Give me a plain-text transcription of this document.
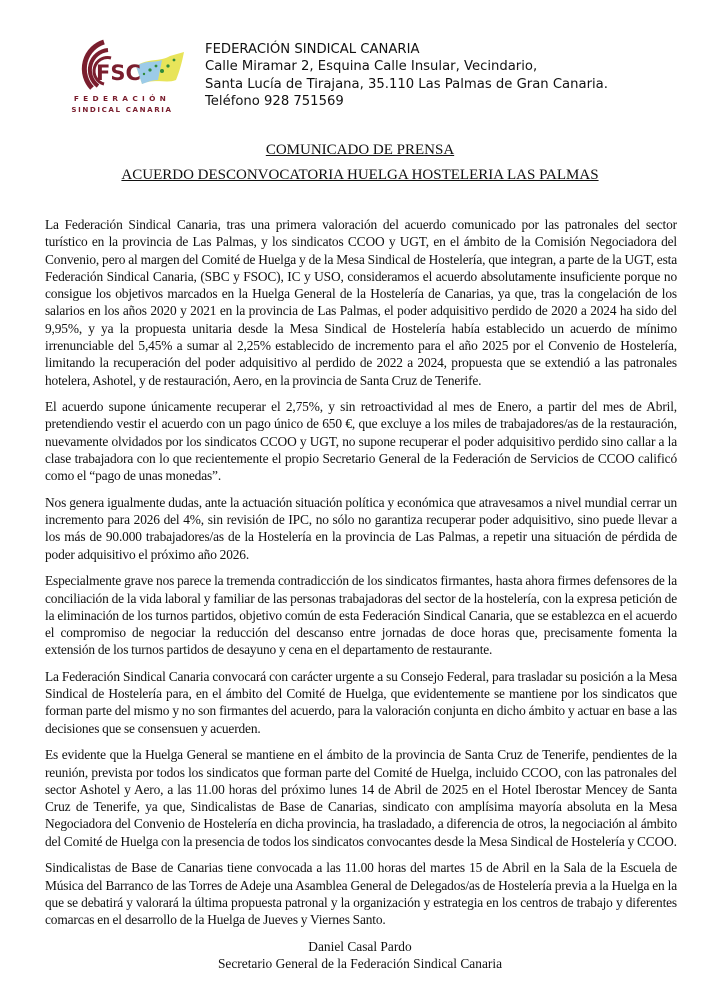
FSC
FEDERACIÓN
SINDICAL CANARIA
FEDERACIÓN SINDICAL CANARIA
Calle Miramar 2, Esquina Calle Insular, Vecindario,
Santa Lucía de Tirajana, 35.110 Las Palmas de Gran Canaria.
Teléfono 928 751569
COMUNICADO DE PRENSA
ACUERDO DESCONVOCATORIA HUELGA HOSTELERIA LAS PALMAS

La Federación Sindical Canaria, tras una primera valoración del acuerdo comunicado por las patronales del sector turístico en la provincia de Las Palmas, y los sindicatos CCOO y UGT, en el ámbito de la Comisión Negociadora del Convenio, pero al margen del Comité de Huelga y de la Mesa Sindical de Hostelería, que integran, a parte de la UGT, esta Federación Sindical Canaria, (SBC y FSOC), IC y USO, consideramos el acuerdo absolutamente insuficiente porque no consigue los objetivos marcados en la Huelga General de la Hostelería de Canarias, ya que, tras la congelación de los salarios en los años 2020 y 2021 en la provincia de Las Palmas, el poder adquisitivo perdido de 2020 a 2024 ha sido del 9,95%, y ya la propuesta unitaria desde la Mesa Sindical de Hostelería había establecido un acuerdo de mínimo irrenunciable del 5,45% a sumar al 2,25% establecido de incremento para el año 2025 por el Convenio de Hostelería, limitando la recuperación del poder adquisitivo al perdido de 2022 a 2024, propuesta que se extendió a las patronales hotelera, Ashotel, y de restauración, Aero, en la provincia de Santa Cruz de Tenerife.

El acuerdo supone únicamente recuperar el 2,75%, y sin retroactividad al mes de Enero, a partir del mes de Abril, pretendiendo vestir el acuerdo con un pago único de 650 €, que excluye a los miles de trabajadores/as de la restauración, nuevamente olvidados por los sindicatos CCOO y UGT, no supone recuperar el poder adquisitivo perdido sino callar a la clase trabajadora con lo que recientemente el propio Secretario General de la Federación de Servicios de CCOO calificó como el “pago de unas monedas”.

Nos genera igualmente dudas, ante la actuación situación política y económica que atravesamos a nivel mundial cerrar un incremento para 2026 del 4%, sin revisión de IPC, no sólo no garantiza recuperar poder adquisitivo, sino puede llevar a los más de 90.000 trabajadores/as de la Hostelería en la provincia de Las Palmas, a repetir una situación de pérdida de poder adquisitivo el próximo año 2026.

Especialmente grave nos parece la tremenda contradicción de los sindicatos firmantes, hasta ahora firmes defensores de la conciliación de la vida laboral y familiar de las personas trabajadoras del sector de la hostelería, con la expresa petición de la eliminación de los turnos partidos, objetivo común de esta Federación Sindical Canaria, que se establezca en el acuerdo el compromiso de negociar la reducción del descanso entre jornadas de doce horas que, precisamente fomenta la extensión de los turnos partidos de desayuno y cena en el departamento de restaurante.

La Federación Sindical Canaria convocará con carácter urgente a su Consejo Federal, para trasladar su posición a la Mesa Sindical de Hostelería para, en el ámbito del Comité de Huelga, que evidentemente se mantiene por los sindicatos que forman parte del mismo y no son firmantes del acuerdo, para la valoración conjunta en dicho ámbito y actuar en base a las decisiones que se consensuen y acuerden.

Es evidente que la Huelga General se mantiene en el ámbito de la provincia de Santa Cruz de Tenerife, pendientes de la reunión, prevista por todos los sindicatos que forman parte del Comité de Huelga, incluido CCOO, con las patronales del sector Ashotel y Aero, a las 11.00 horas del próximo lunes 14 de Abril de 2025 en el Hotel Iberostar Mencey de Santa Cruz de Tenerife, ya que, Sindicalistas de Base de Canarias, sindicato con amplísima mayoría absoluta en la Mesa Negociadora del Convenio de Hostelería en dicha provincia, ha trasladado, a diferencia de otros, la negociación al ámbito del Comité de Huelga con la presencia de todos los sindicatos convocantes desde la Mesa Sindical de Hostelería y CCOO.

Sindicalistas de Base de Canarias tiene convocada a las 11.00 horas del martes 15 de Abril en la Sala de la Escuela de Música del Barranco de las Torres de Adeje una Asamblea General de Delegados/as de Hostelería previa a la Huelga en la que se debatirá y valorará la última propuesta patronal y la organización y estrategia en los centros de trabajo y diferentes comarcas en el desarrollo de la Huelga de Jueves y Viernes Santo.

Daniel Casal Pardo
Secretario General de la Federación Sindical Canaria
